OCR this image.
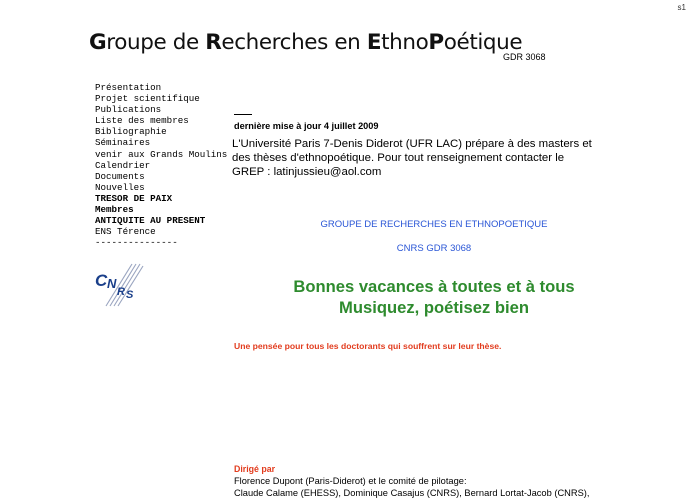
s1
Groupe de Recherches en EthnoPoétique
GDR 3068
Présentation
Projet scientifique
Publications
Liste des membres
Bibliographie
Séminaires
venir aux Grands Moulins
Calendrier
Documents
Nouvelles
TRESOR DE PAIX
Membres
ANTIQUITE AU PRESENT
ENS Térence
---------------
C N
R S
dernière mise à jour 4 juillet 2009
L'Université Paris 7-Denis Diderot (UFR LAC) prépare à des masters et des thèses d'ethnopoétique. Pour tout renseignement contacter le GREP : latinjussieu@aol.com
GROUPE DE RECHERCHES EN ETHNOPOETIQUE
CNRS GDR 3068
Bonnes vacances à toutes et à tous
Musiquez, poétisez bien
Une pensée pour tous les doctorants qui souffrent sur leur thèse.
Dirigé par
Florence Dupont (Paris-Diderot) et le comité de pilotage:
Claude Calame (EHESS), Dominique Casajus (CNRS), Bernard Lortat-Jacob (CNRS),
